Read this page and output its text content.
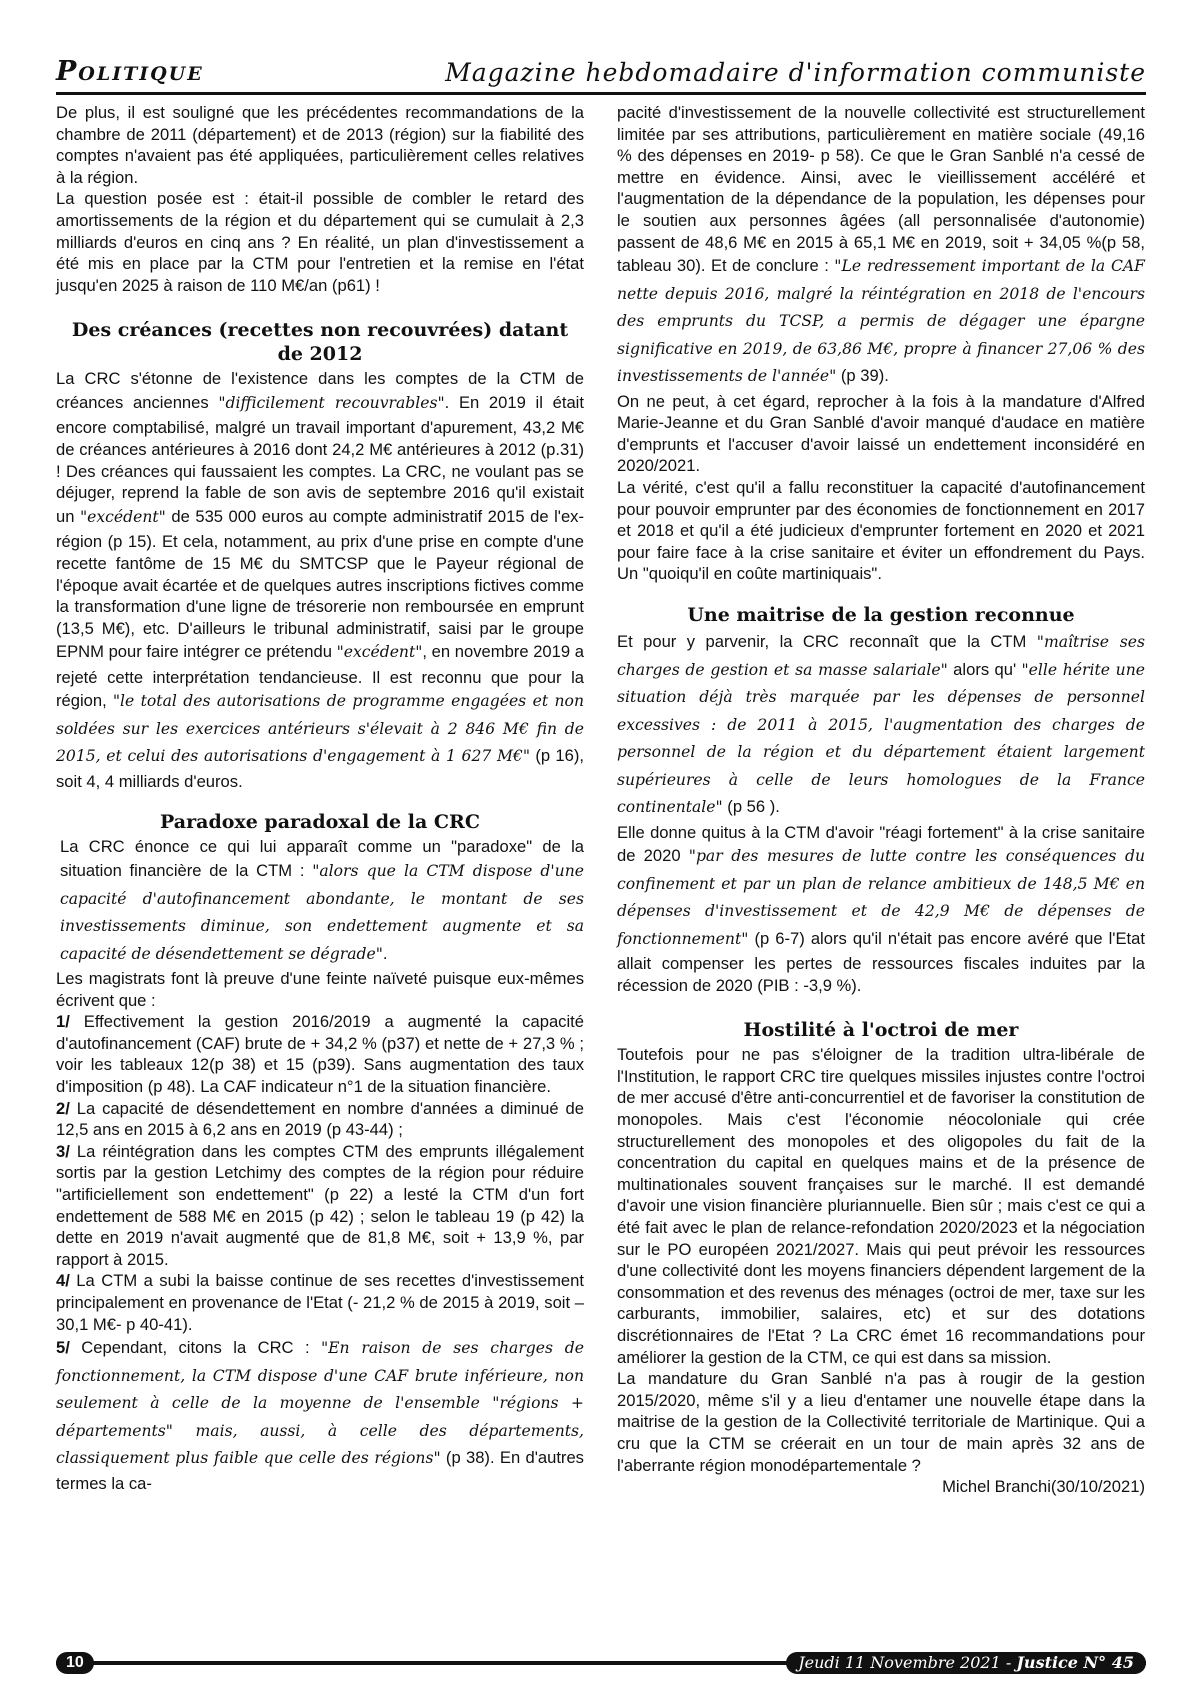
Politique	Magazine hebdomadaire d'information communiste

De plus, il est souligné que les précédentes recommandations de la chambre de 2011 (département) et de 2013 (région) sur la fiabilité des comptes n'avaient pas été appliquées, particulièrement celles relatives à la région.

La question posée est : était-il possible de combler le retard des amortissements de la région et du département qui se cumulait à 2,3 milliards d'euros en cinq ans ? En réalité, un plan d'investissement a été mis en place par la CTM pour l'entretien et la remise en l'état jusqu'en 2025 à raison de 110 M€/an (p61) !

Des créances (recettes non recouvrées) datant de 2012

La CRC s'étonne de l'existence dans les comptes de la CTM de créances anciennes "difficilement recouvrables". En 2019 il était encore comptabilisé, malgré un travail important d'apurement, 43,2 M€ de créances antérieures à 2016 dont 24,2 M€ antérieures à 2012 (p.31) ! Des créances qui faussaient les comptes. La CRC, ne voulant pas se déjuger, reprend la fable de son avis de septembre 2016 qu'il existait un "excédent" de 535 000 euros au compte administratif 2015 de l'ex-région (p 15). Et cela, notamment, au prix d'une prise en compte d'une recette fantôme de 15 M€ du SMTCSP que le Payeur régional de l'époque avait écartée et de quelques autres inscriptions fictives comme la transformation d'une ligne de trésorerie non remboursée en emprunt (13,5 M€), etc. D'ailleurs le tribunal administratif, saisi par le groupe EPNM pour faire intégrer ce prétendu "excédent", en novembre 2019 a rejeté cette interprétation tendancieuse. Il est reconnu que pour la région, "le total des autorisations de programme engagées et non soldées sur les exercices antérieurs s'élevait à 2 846 M€ fin de 2015, et celui des autorisations d'engagement à 1 627 M€" (p 16), soit 4, 4 milliards d'euros.

Paradoxe paradoxal de la CRC

La CRC énonce ce qui lui apparaît comme un "paradoxe" de la situation financière de la CTM : "alors que la CTM dispose d'une capacité d'autofinancement abondante, le montant de ses investissements diminue, son endettement augmente et sa capacité de désendettement se dégrade".

Les magistrats font là preuve d'une feinte naïveté puisque eux-mêmes écrivent que :

1/ Effectivement la gestion 2016/2019 a augmenté la capacité d'autofinancement (CAF) brute de + 34,2 % (p37) et nette de + 27,3 % ; voir les tableaux 12(p 38) et 15 (p39). Sans augmentation des taux d'imposition (p 48). La CAF indicateur n°1 de la situation financière.

2/ La capacité de désendettement en nombre d'années a diminué de 12,5 ans en 2015 à 6,2 ans en 2019 (p 43-44) ;

3/ La réintégration dans les comptes CTM des emprunts illégalement sortis par la gestion Letchimy des comptes de la région pour réduire "artificiellement son endettement" (p 22) a lesté la CTM d'un fort endettement de 588 M€ en 2015 (p 42) ; selon le tableau 19 (p 42) la dette en 2019 n'avait augmenté que de 81,8 M€, soit + 13,9 %, par rapport à 2015.

4/ La CTM a subi la baisse continue de ses recettes d'investissement principalement en provenance de l'Etat (- 21,2 % de 2015 à 2019, soit – 30,1 M€- p 40-41).

5/ Cependant, citons la CRC : "En raison de ses charges de fonctionnement, la CTM dispose d'une CAF brute inférieure, non seulement à celle de la moyenne de l'ensemble "régions + départements" mais, aussi, à celle des départements, classiquement plus faible que celle des régions" (p 38). En d'autres termes la ca-

pacité d'investissement de la nouvelle collectivité est structurellement limitée par ses attributions, particulièrement en matière sociale (49,16 % des dépenses en 2019- p 58). Ce que le Gran Sanblé n'a cessé de mettre en évidence. Ainsi, avec le vieillissement accéléré et l'augmentation de la dépendance de la population, les dépenses pour le soutien aux personnes âgées (all personnalisée d'autonomie) passent de 48,6 M€ en 2015 à 65,1 M€ en 2019, soit + 34,05 %(p 58, tableau 30). Et de conclure : "Le redressement important de la CAF nette depuis 2016, malgré la réintégration en 2018 de l'encours des emprunts du TCSP, a permis de dégager une épargne significative en 2019, de 63,86 M€, propre à financer 27,06 % des investissements de l'année" (p 39).

On ne peut, à cet égard, reprocher à la fois à la mandature d'Alfred Marie-Jeanne et du Gran Sanblé d'avoir manqué d'audace en matière d'emprunts et l'accuser d'avoir laissé un endettement inconsidéré en 2020/2021.

La vérité, c'est qu'il a fallu reconstituer la capacité d'autofinancement pour pouvoir emprunter par des économies de fonctionnement en 2017 et 2018 et qu'il a été judicieux d'emprunter fortement en 2020 et 2021 pour faire face à la crise sanitaire et éviter un effondrement du Pays. Un "quoiqu'il en coûte martiniquais".

Une maitrise de la gestion reconnue

Et pour y parvenir, la CRC reconnaît que la CTM "maîtrise ses charges de gestion et sa masse salariale" alors qu' "elle hérite une situation déjà très marquée par les dépenses de personnel excessives : de 2011 à 2015, l'augmentation des charges de personnel de la région et du département étaient largement supérieures à celle de leurs homologues de la France continentale" (p 56 ).

Elle donne quitus à la CTM d'avoir "réagi fortement" à la crise sanitaire de 2020 "par des mesures de lutte contre les conséquences du confinement et par un plan de relance ambitieux de 148,5 M€ en dépenses d'investissement et de 42,9 M€ de dépenses de fonctionnement" (p 6-7) alors qu'il n'était pas encore avéré que l'Etat allait compenser les pertes de ressources fiscales induites par la récession de 2020 (PIB : -3,9 %).

Hostilité à l'octroi de mer

Toutefois pour ne pas s'éloigner de la tradition ultra-libérale de l'Institution, le rapport CRC tire quelques missiles injustes contre l'octroi de mer accusé d'être anti-concurrentiel et de favoriser la constitution de monopoles. Mais c'est l'économie néocoloniale qui crée structurellement des monopoles et des oligopoles du fait de la concentration du capital en quelques mains et de la présence de multinationales souvent françaises sur le marché. Il est demandé d'avoir une vision financière pluriannuelle. Bien sûr ; mais c'est ce qui a été fait avec le plan de relance-refondation 2020/2023 et la négociation sur le PO européen 2021/2027. Mais qui peut prévoir les ressources d'une collectivité dont les moyens financiers dépendent largement de la consommation et des revenus des ménages (octroi de mer, taxe sur les carburants, immobilier, salaires, etc) et sur des dotations discrétionnaires de l'Etat ? La CRC émet 16 recommandations pour améliorer la gestion de la CTM, ce qui est dans sa mission.

La mandature du Gran Sanblé n'a pas à rougir de la gestion 2015/2020, même s'il y a lieu d'entamer une nouvelle étape dans la maitrise de la gestion de la Collectivité territoriale de Martinique. Qui a cru que la CTM se créerait en un tour de main après 32 ans de l'aberrante région monodépartementale ?

Michel Branchi(30/10/2021)

10	Jeudi 11 Novembre 2021 - Justice N° 45
